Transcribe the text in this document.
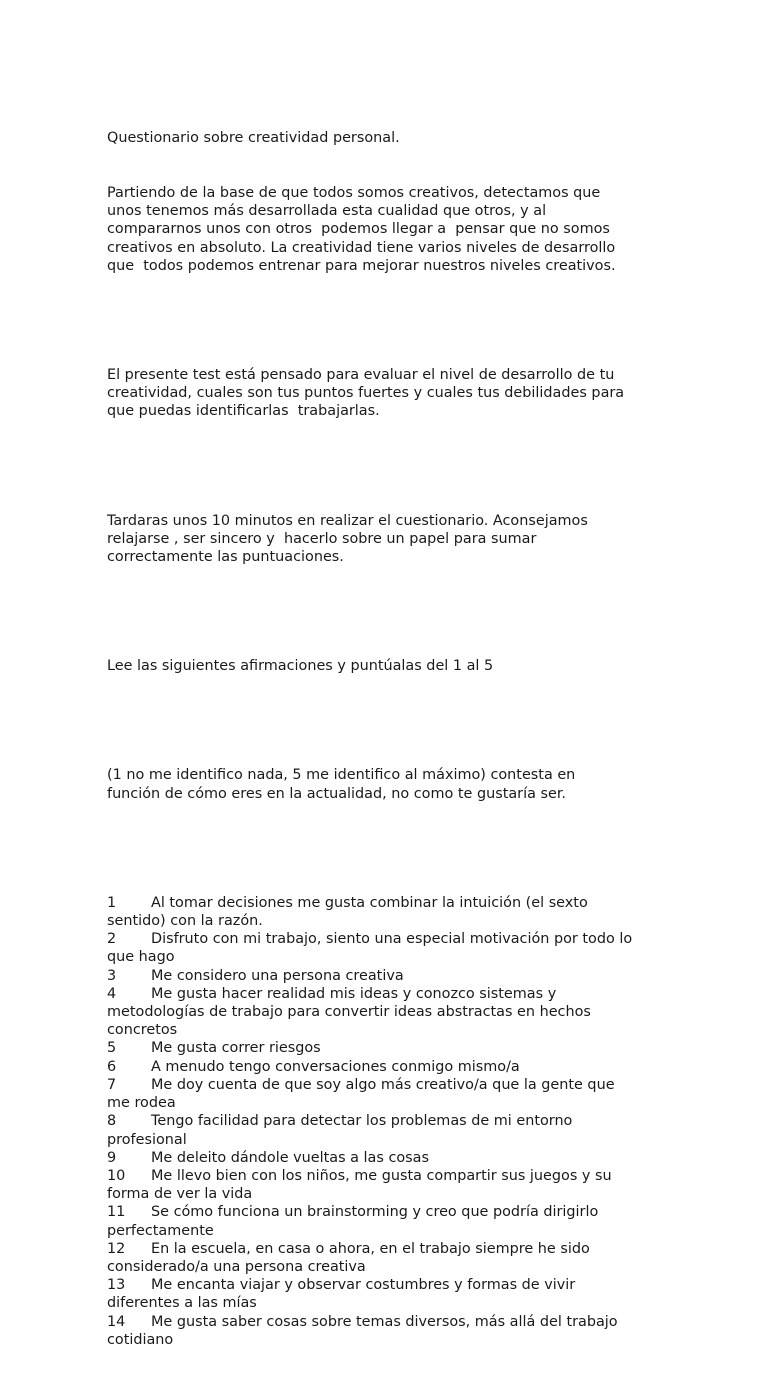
Questionario sobre creatividad personal.

Partiendo de la base de que todos somos creativos, detectamos que
unos tenemos más desarrollada esta cualidad que otros, y al
compararnos unos con otros  podemos llegar a  pensar que no somos
creativos en absoluto. La creatividad tiene varios niveles de desarrollo
que  todos podemos entrenar para mejorar nuestros niveles creativos.

El presente test está pensado para evaluar el nivel de desarrollo de tu
creatividad, cuales son tus puntos fuertes y cuales tus debilidades para
que puedas identificarlas  trabajarlas.

Tardaras unos 10 minutos en realizar el cuestionario. Aconsejamos
relajarse , ser sincero y  hacerlo sobre un papel para sumar
correctamente las puntuaciones.

Lee las siguientes afirmaciones y puntúalas del 1 al 5

(1 no me identifico nada, 5 me identifico al máximo) contesta en
función de cómo eres en la actualidad, no como te gustaría ser.

1 Al tomar decisiones me gusta combinar la intuición (el sexto
sentido) con la razón.

2 Disfruto con mi trabajo, siento una especial motivación por todo lo
que hago

3 Me considero una persona creativa

4 Me gusta hacer realidad mis ideas y conozco sistemas y
metodologías de trabajo para convertir ideas abstractas en hechos
concretos

5 Me gusta correr riesgos

6 A menudo tengo conversaciones conmigo mismo/a

7 Me doy cuenta de que soy algo más creativo/a que la gente que
me rodea

8 Tengo facilidad para detectar los problemas de mi entorno
profesional

9 Me deleito dándole vueltas a las cosas

10 Me llevo bien con los niños, me gusta compartir sus juegos y su
forma de ver la vida

11 Se cómo funciona un brainstorming y creo que podría dirigirlo
perfectamente

12 En la escuela, en casa o ahora, en el trabajo siempre he sido
considerado/a una persona creativa

13 Me encanta viajar y observar costumbres y formas de vivir
diferentes a las mías

14 Me gusta saber cosas sobre temas diversos, más allá del trabajo
cotidiano
